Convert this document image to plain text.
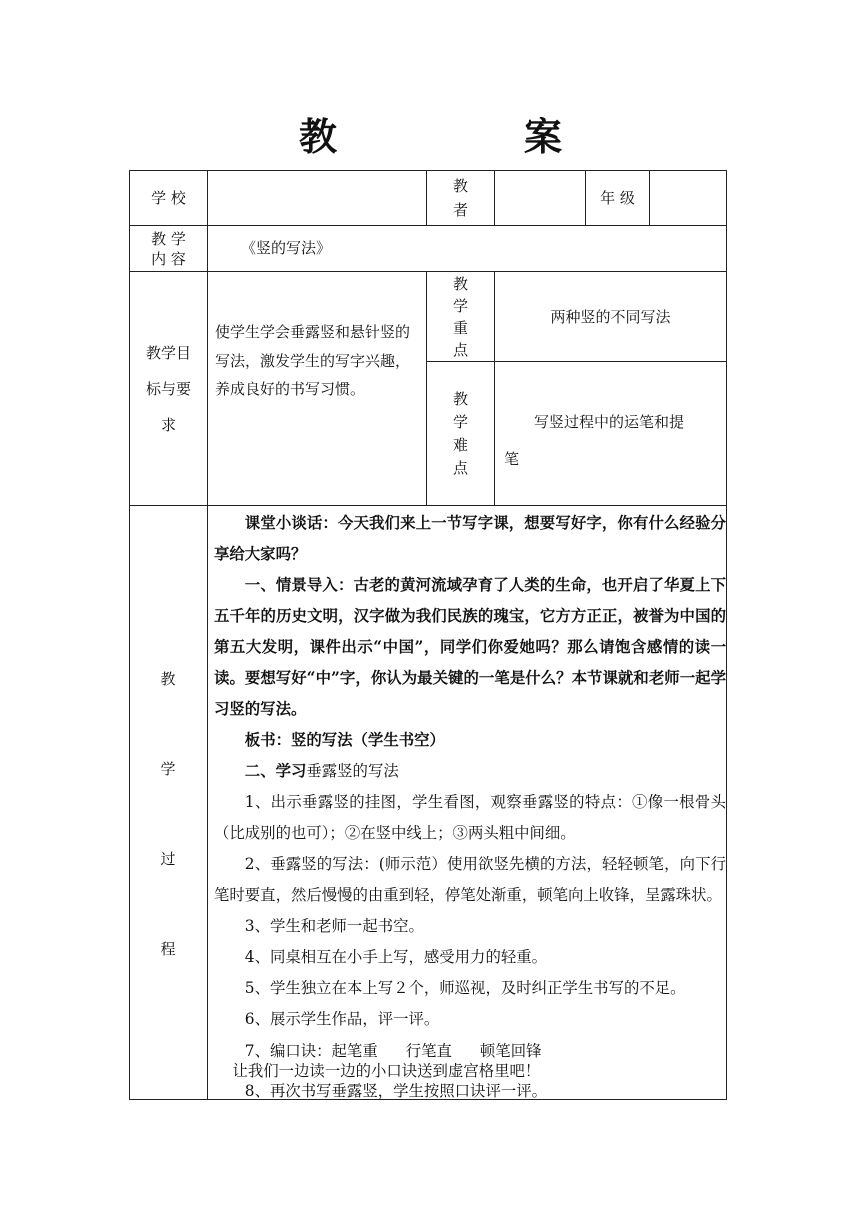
教	案
学 校
教
者
年 级
教 学
内 容
《竖的写法》
教学目
标与要
求
使学生学会垂露竖和悬针竖的写法，激发学生的写字兴趣，养成良好的书写习惯。
教
学
重
点
两种竖的不同写法
教
学
难
点
写竖过程中的运笔和提
笔
教
学
过
程

课堂小谈话：今天我们来上一节写字课，想要写好字，你有什么经验分享给大家吗？

一、情景导入：古老的黄河流域孕育了人类的生命，也开启了华夏上下五千年的历史文明，汉字做为我们民族的瑰宝，它方方正正，被誉为中国的第五大发明，课件出示“中国”，同学们你爱她吗？那么请饱含感情的读一读。要想写好“中”字，你认为最关键的一笔是什么？本节课就和老师一起学习竖的写法。

板书：竖的写法（学生书空）

二、学习垂露竖的写法

1、出示垂露竖的挂图，学生看图，观察垂露竖的特点：①像一根骨头（比成别的也可）；②在竖中线上；③两头粗中间细。

2、垂露竖的写法：(师示范）使用欲竖先横的方法，轻轻顿笔，向下行笔时要直，然后慢慢的由重到轻，停笔处渐重，顿笔向上收锋，呈露珠状。

3、学生和老师一起书空。

4、同桌相互在小手上写，感受用力的轻重。

5、学生独立在本上写２个，师巡视，及时纠正学生书写的不足。

6、展示学生作品，评一评。

7、编口诀：起笔重 行笔直 顿笔回锋

让我们一边读一边的小口诀送到虚宫格里吧！

8、再次书写垂露竖，学生按照口诀评一评。
